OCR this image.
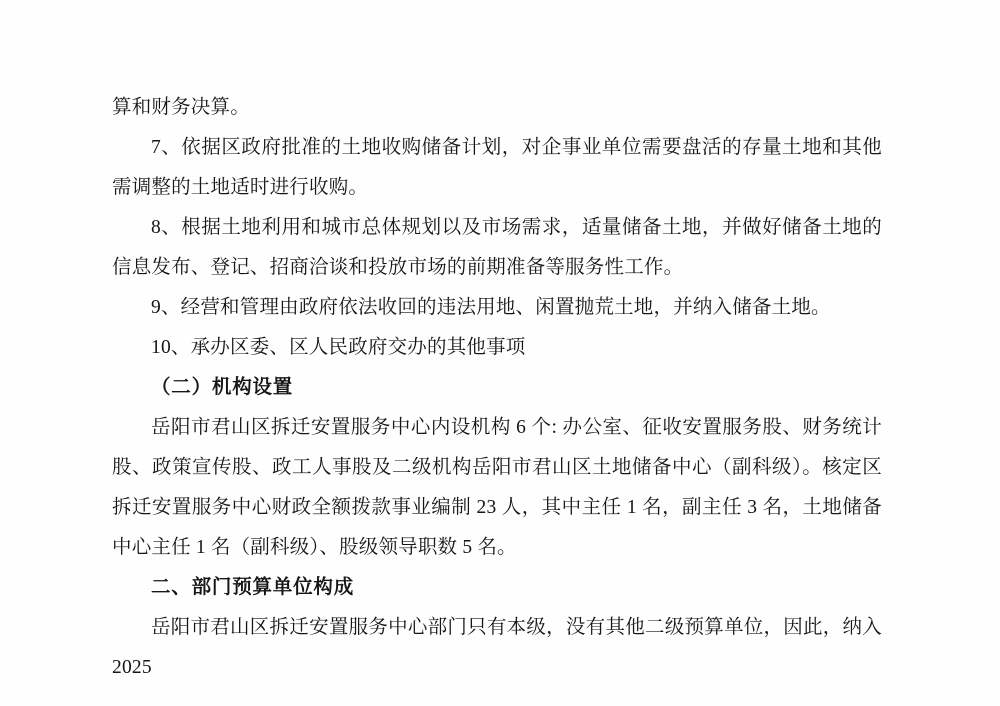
算和财务决算。

7、依据区政府批准的土地收购储备计划，对企事业单位需要盘活的存量土地和其他需调整的土地适时进行收购。

8、根据土地利用和城市总体规划以及市场需求，适量储备土地，并做好储备土地的信息发布、登记、招商洽谈和投放市场的前期准备等服务性工作。

9、经营和管理由政府依法收回的违法用地、闲置抛荒土地，并纳入储备土地。

10、承办区委、区人民政府交办的其他事项

（二）机构设置

岳阳市君山区拆迁安置服务中心内设机构 6 个: 办公室、征收安置服务股、财务统计股、政策宣传股、政工人事股及二级机构岳阳市君山区土地储备中心（副科级）。核定区拆迁安置服务中心财政全额拨款事业编制 23 人，其中主任 1 名，副主任 3 名，土地储备中心主任 1 名（副科级）、股级领导职数 5 名。

二、部门预算单位构成

岳阳市君山区拆迁安置服务中心部门只有本级，没有其他二级预算单位，因此，纳入 2025
